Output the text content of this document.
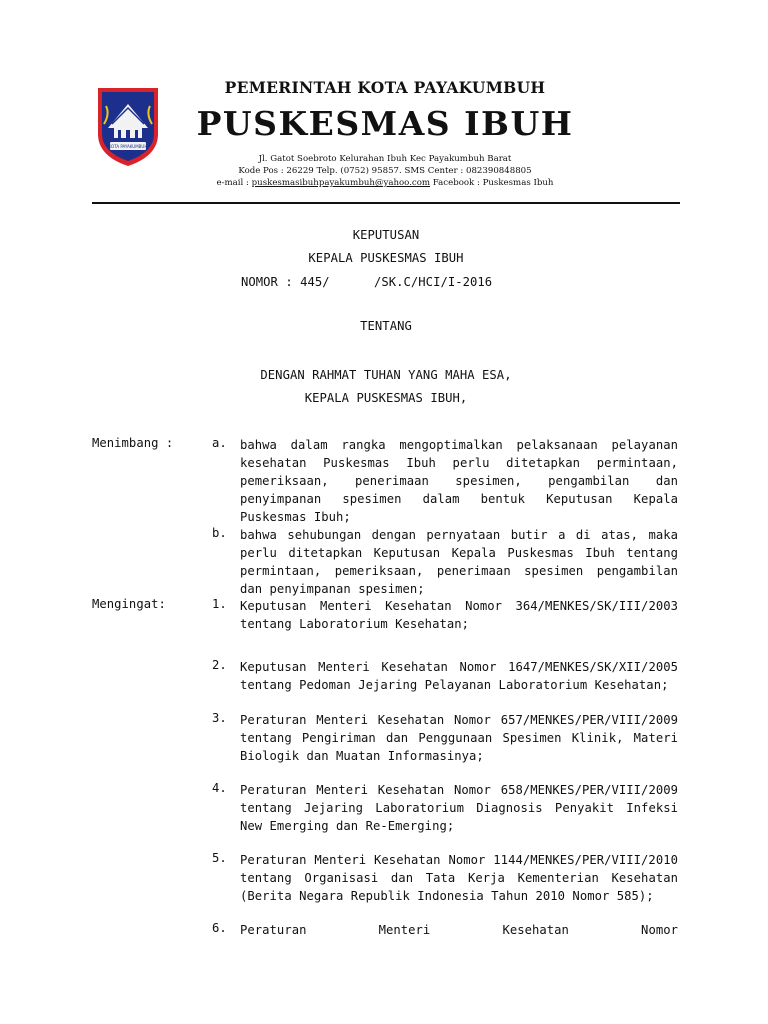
KOTA PAYAKUMBUH
PEMERINTAH KOTA PAYAKUMBUH
PUSKESMAS IBUH
Jl. Gatot Soebroto Kelurahan Ibuh Kec Payakumbuh Barat
Kode Pos : 26229 Telp. (0752) 95857. SMS Center : 082390848805
e-mail : puskesmasibuhpayakumbuh@yahoo.com Facebook : Puskesmas Ibuh
KEPUTUSAN
KEPALA PUSKESMAS IBUH
NOMOR : 445/      /SK.C/HCI/I-2016
TENTANG
DENGAN RAHMAT TUHAN YANG MAHA ESA,
KEPALA PUSKESMAS IBUH,
Menimbang :	a. bahwa dalam rangka mengoptimalkan pelaksanaan pelayanan kesehatan Puskesmas Ibuh perlu ditetapkan permintaan, pemeriksaan, penerimaan spesimen, pengambilan dan penyimpanan spesimen dalam bentuk Keputusan Kepala Puskesmas Ibuh;
b. bahwa sehubungan dengan pernyataan butir a di atas, maka perlu ditetapkan Keputusan Kepala Puskesmas Ibuh tentang permintaan, pemeriksaan, penerimaan spesimen pengambilan dan penyimpanan spesimen;
Mengingat:	1. Keputusan Menteri Kesehatan Nomor 364/MENKES/SK/III/2003 tentang Laboratorium Kesehatan;
2. Keputusan Menteri Kesehatan Nomor 1647/MENKES/SK/XII/2005 tentang Pedoman Jejaring Pelayanan Laboratorium Kesehatan;
3. Peraturan Menteri Kesehatan Nomor 657/MENKES/PER/VIII/2009 tentang Pengiriman dan Penggunaan Spesimen Klinik, Materi Biologik dan Muatan Informasinya;
4. Peraturan Menteri Kesehatan Nomor 658/MENKES/PER/VIII/2009 tentang Jejaring Laboratorium Diagnosis Penyakit Infeksi New Emerging dan Re-Emerging;
5. Peraturan Menteri Kesehatan Nomor 1144/MENKES/PER/VIII/2010 tentang Organisasi dan Tata Kerja Kementerian Kesehatan (Berita Negara Republik Indonesia Tahun 2010 Nomor 585);
6. Peraturan Menteri Kesehatan Nomor
